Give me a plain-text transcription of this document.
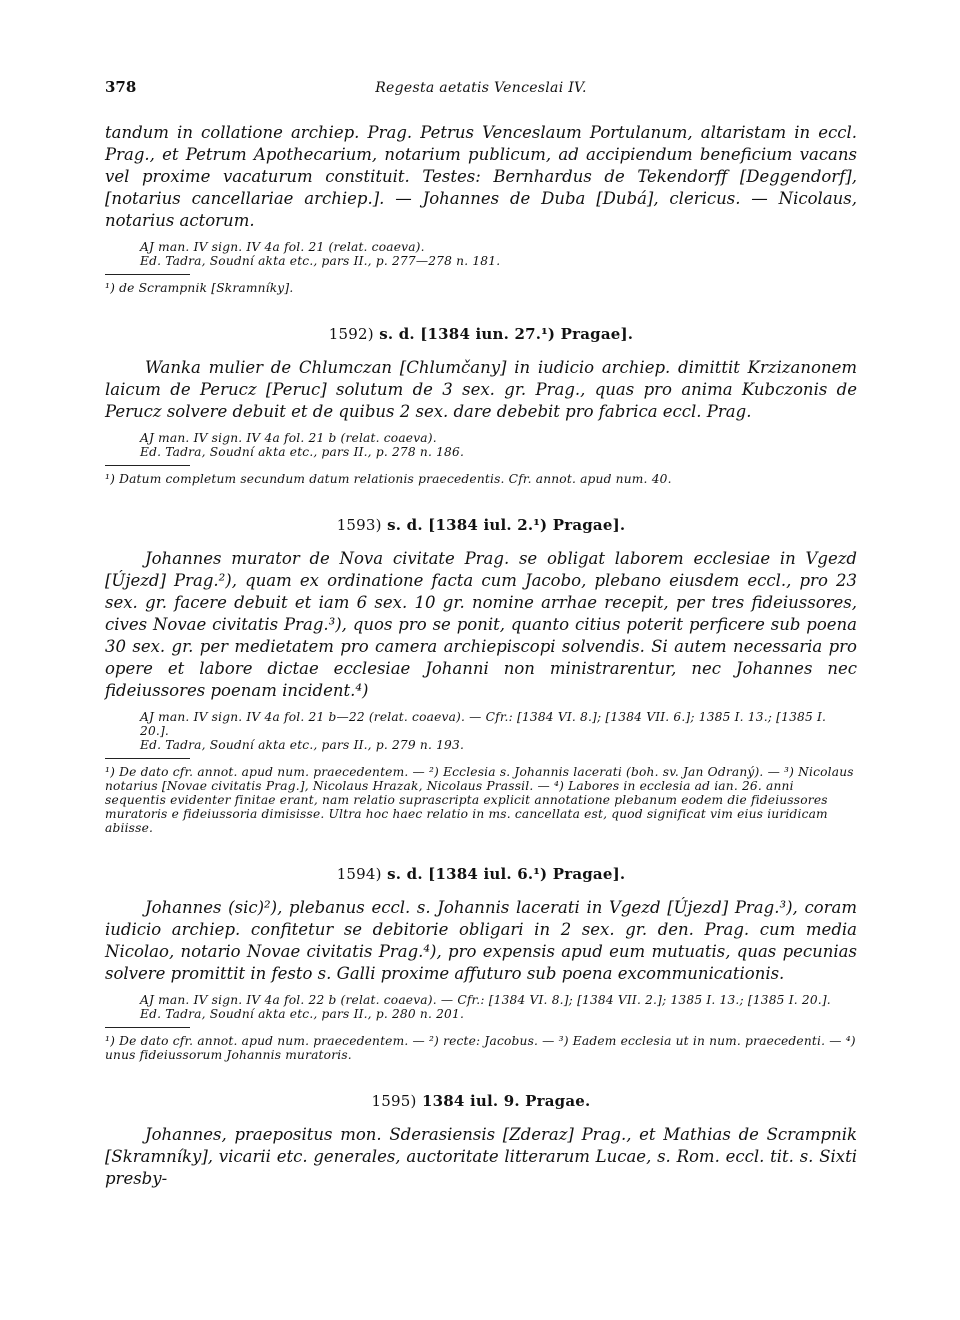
378	Regesta aetatis Venceslai IV.

tandum in collatione archiep. Prag. Petrus Venceslaum Portulanum, altaristam in eccl. Prag., et Petrum Apothecarium, notarium publicum, ad accipiendum beneficium vacans vel proxime vacaturum constituit. Testes: Bernhardus de Tekendorff [Deggendorf], [notarius cancellariae archiep.]. — Johannes de Duba [Dubá], clericus. — Nicolaus, notarius actorum.

AJ man. IV sign. IV 4a fol. 21 (relat. coaeva).

Ed. Tadra, Soudní akta etc., pars II., p. 277—278 n. 181.

¹) de Scrampnik [Skramníky].

1592) s. d. [1384 iun. 27.¹) Pragae].

Wanka mulier de Chlumczan [Chlumčany] in iudicio archiep. dimittit Krzizanonem laicum de Perucz [Peruc] solutum de 3 sex. gr. Prag., quas pro anima Kubczonis de Perucz solvere debuit et de quibus 2 sex. dare debebit pro fabrica eccl. Prag.

AJ man. IV sign. IV 4a fol. 21 b (relat. coaeva).

Ed. Tadra, Soudní akta etc., pars II., p. 278 n. 186.

¹) Datum completum secundum datum relationis praecedentis. Cfr. annot. apud num. 40.

1593) s. d. [1384 iul. 2.¹) Pragae].

Johannes murator de Nova civitate Prag. se obligat laborem ecclesiae in Vgezd [Újezd] Prag.²), quam ex ordinatione facta cum Jacobo, plebano eiusdem eccl., pro 23 sex. gr. facere debuit et iam 6 sex. 10 gr. nomine arrhae recepit, per tres fideiussores, cives Novae civitatis Prag.³), quos pro se ponit, quanto citius poterit perficere sub poena 30 sex. gr. per medietatem pro camera archiepiscopi solvendis. Si autem necessaria pro opere et labore dictae ecclesiae Johanni non ministrarentur, nec Johannes nec fideiussores poenam incident.⁴)

AJ man. IV sign. IV 4a fol. 21 b—22 (relat. coaeva). — Cfr.: [1384 VI. 8.]; [1384 VII. 6.]; 1385 I. 13.; [1385 I. 20.].

Ed. Tadra, Soudní akta etc., pars II., p. 279 n. 193.

¹) De dato cfr. annot. apud num. praecedentem. — ²) Ecclesia s. Johannis lacerati (boh. sv. Jan Odraný). — ³) Nicolaus notarius [Novae civitatis Prag.], Nicolaus Hrazak, Nicolaus Prassil. — ⁴) Labores in ecclesia ad ian. 26. anni sequentis evidenter finitae erant, nam relatio suprascripta explicit annotatione plebanum eodem die fideiussores muratoris e fideiussoria dimisisse. Ultra hoc haec relatio in ms. cancellata est, quod significat vim eius iuridicam abiisse.

1594) s. d. [1384 iul. 6.¹) Pragae].

Johannes (sic)²), plebanus eccl. s. Johannis lacerati in Vgezd [Újezd] Prag.³), coram iudicio archiep. confitetur se debitorie obligari in 2 sex. gr. den. Prag. cum media Nicolao, notario Novae civitatis Prag.⁴), pro expensis apud eum mutuatis, quas pecunias solvere promittit in festo s. Galli proxime affuturo sub poena excommunicationis.

AJ man. IV sign. IV 4a fol. 22 b (relat. coaeva). — Cfr.: [1384 VI. 8.]; [1384 VII. 2.]; 1385 I. 13.; [1385 I. 20.].

Ed. Tadra, Soudní akta etc., pars II., p. 280 n. 201.

¹) De dato cfr. annot. apud num. praecedentem. — ²) recte: Jacobus. — ³) Eadem ecclesia ut in num. praecedenti. — ⁴) unus fideiussorum Johannis muratoris.

1595) 1384 iul. 9. Pragae.

Johannes, praepositus mon. Sderasiensis [Zderaz] Prag., et Mathias de Scrampnik [Skramníky], vicarii etc. generales, auctoritate litterarum Lucae, s. Rom. eccl. tit. s. Sixti presby-
